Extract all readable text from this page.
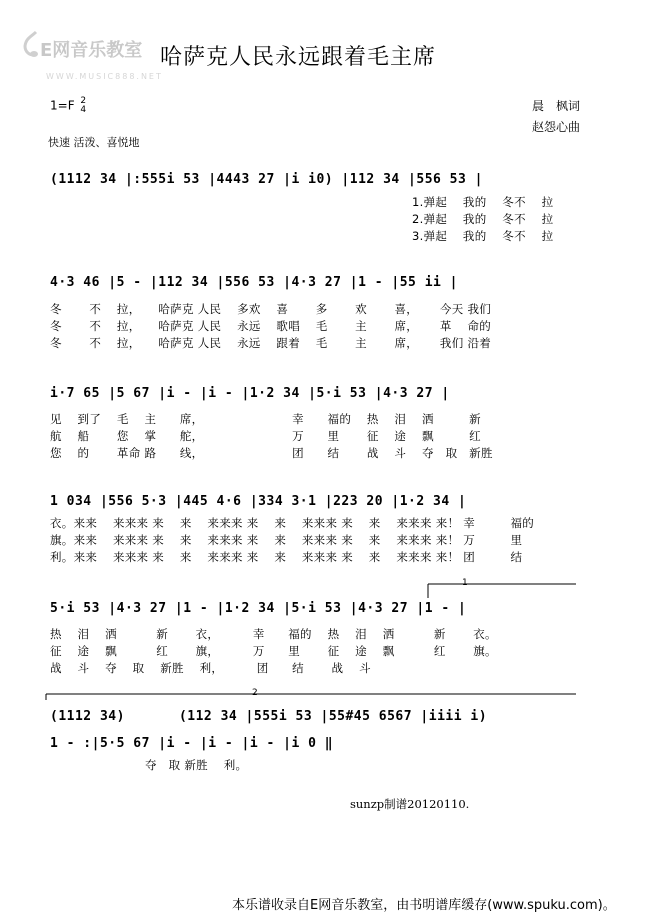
E网音乐教室
WWW.MUSIC888.NET
哈萨克人民永远跟着毛主席
1=F 2
4	晨　枫词
赵怨心曲
快速 活泼、喜悦地
(1112 34 |:555i 53 |4443 27 |i i0) |112 34 |556 53 |
1.弹起　 我的　 冬不　 拉
2.弹起　 我的　 冬不　 拉
3.弹起　 我的　 冬不　 拉
4·3 46 |5 - |112 34 |556 53 |4·3 27 |1 - |55 ii |
冬　　 不　 拉，　　哈萨克 人民　 多欢　 喜　　 多　　 欢　　 喜，　　 今天 我们
冬　　 不　 拉，　　哈萨克 人民　 永远　 歌唱　 毛　　 主　　 席，　　 革　 命的
冬　　 不　 拉，　　哈萨克 人民　 永远　 跟着　 毛　　 主　　 席，　　 我们 沿着
i·7 65 |5 67 |i - |i - |1·2 34 |5·i 53 |4·3 27 |
见　 到了　 毛　 主　　席，　　　　　　　　幸　　福的　 热　 泪　 洒　　　新
航　 船　　 您　 掌　　舵，　　　　　　　　万　　里　　 征　 途　 飘　　　红
您　 的　　 革命 路　　线，　　　　　　　　团　　结　　 战　 斗　 夺　取　新胜
1 034 |556 5·3 |445 4·6 |334 3·1 |223 20 |1·2 34 |
衣。来来　 来来来 来　 来　 来来来 来　 来　 来来来 来　 来　 来来来 来！ 幸　　　福的
旗。来来　 来来来 来　 来　 来来来 来　 来　 来来来 来　 来　 来来来 来！ 万　　　里
利。来来　 来来来 来　 来　 来来来 来　 来　 来来来 来　 来　 来来来 来！ 团　　　结
1
5·i 53 |4·3 27 |1 - |1·2 34 |5·i 53 |4·3 27 |1 - |
热　 泪　 洒　　　 新　　 衣，　　　 幸　　福的　 热　 泪　 洒　　　 新　　 衣。
征　 途　 飘　　　 红　　 旗，　　　 万　　里　　 征　 途　 飘　　　 红　　 旗。
战　 斗　 夺　 取　 新胜　 利，　　　 团　　结　　 战　 斗
2
(1112 34)　　　　(112 34 |555i 53 |55#45 6567 |iiii i)
1 - :|5·5 67 |i - |i - |i - |i 0 ‖
夺　取 新胜　 利。
sunzp制谱20120110.
本乐谱收录自E网音乐教室，由书明谱库缓存(www.spuku.com)。
